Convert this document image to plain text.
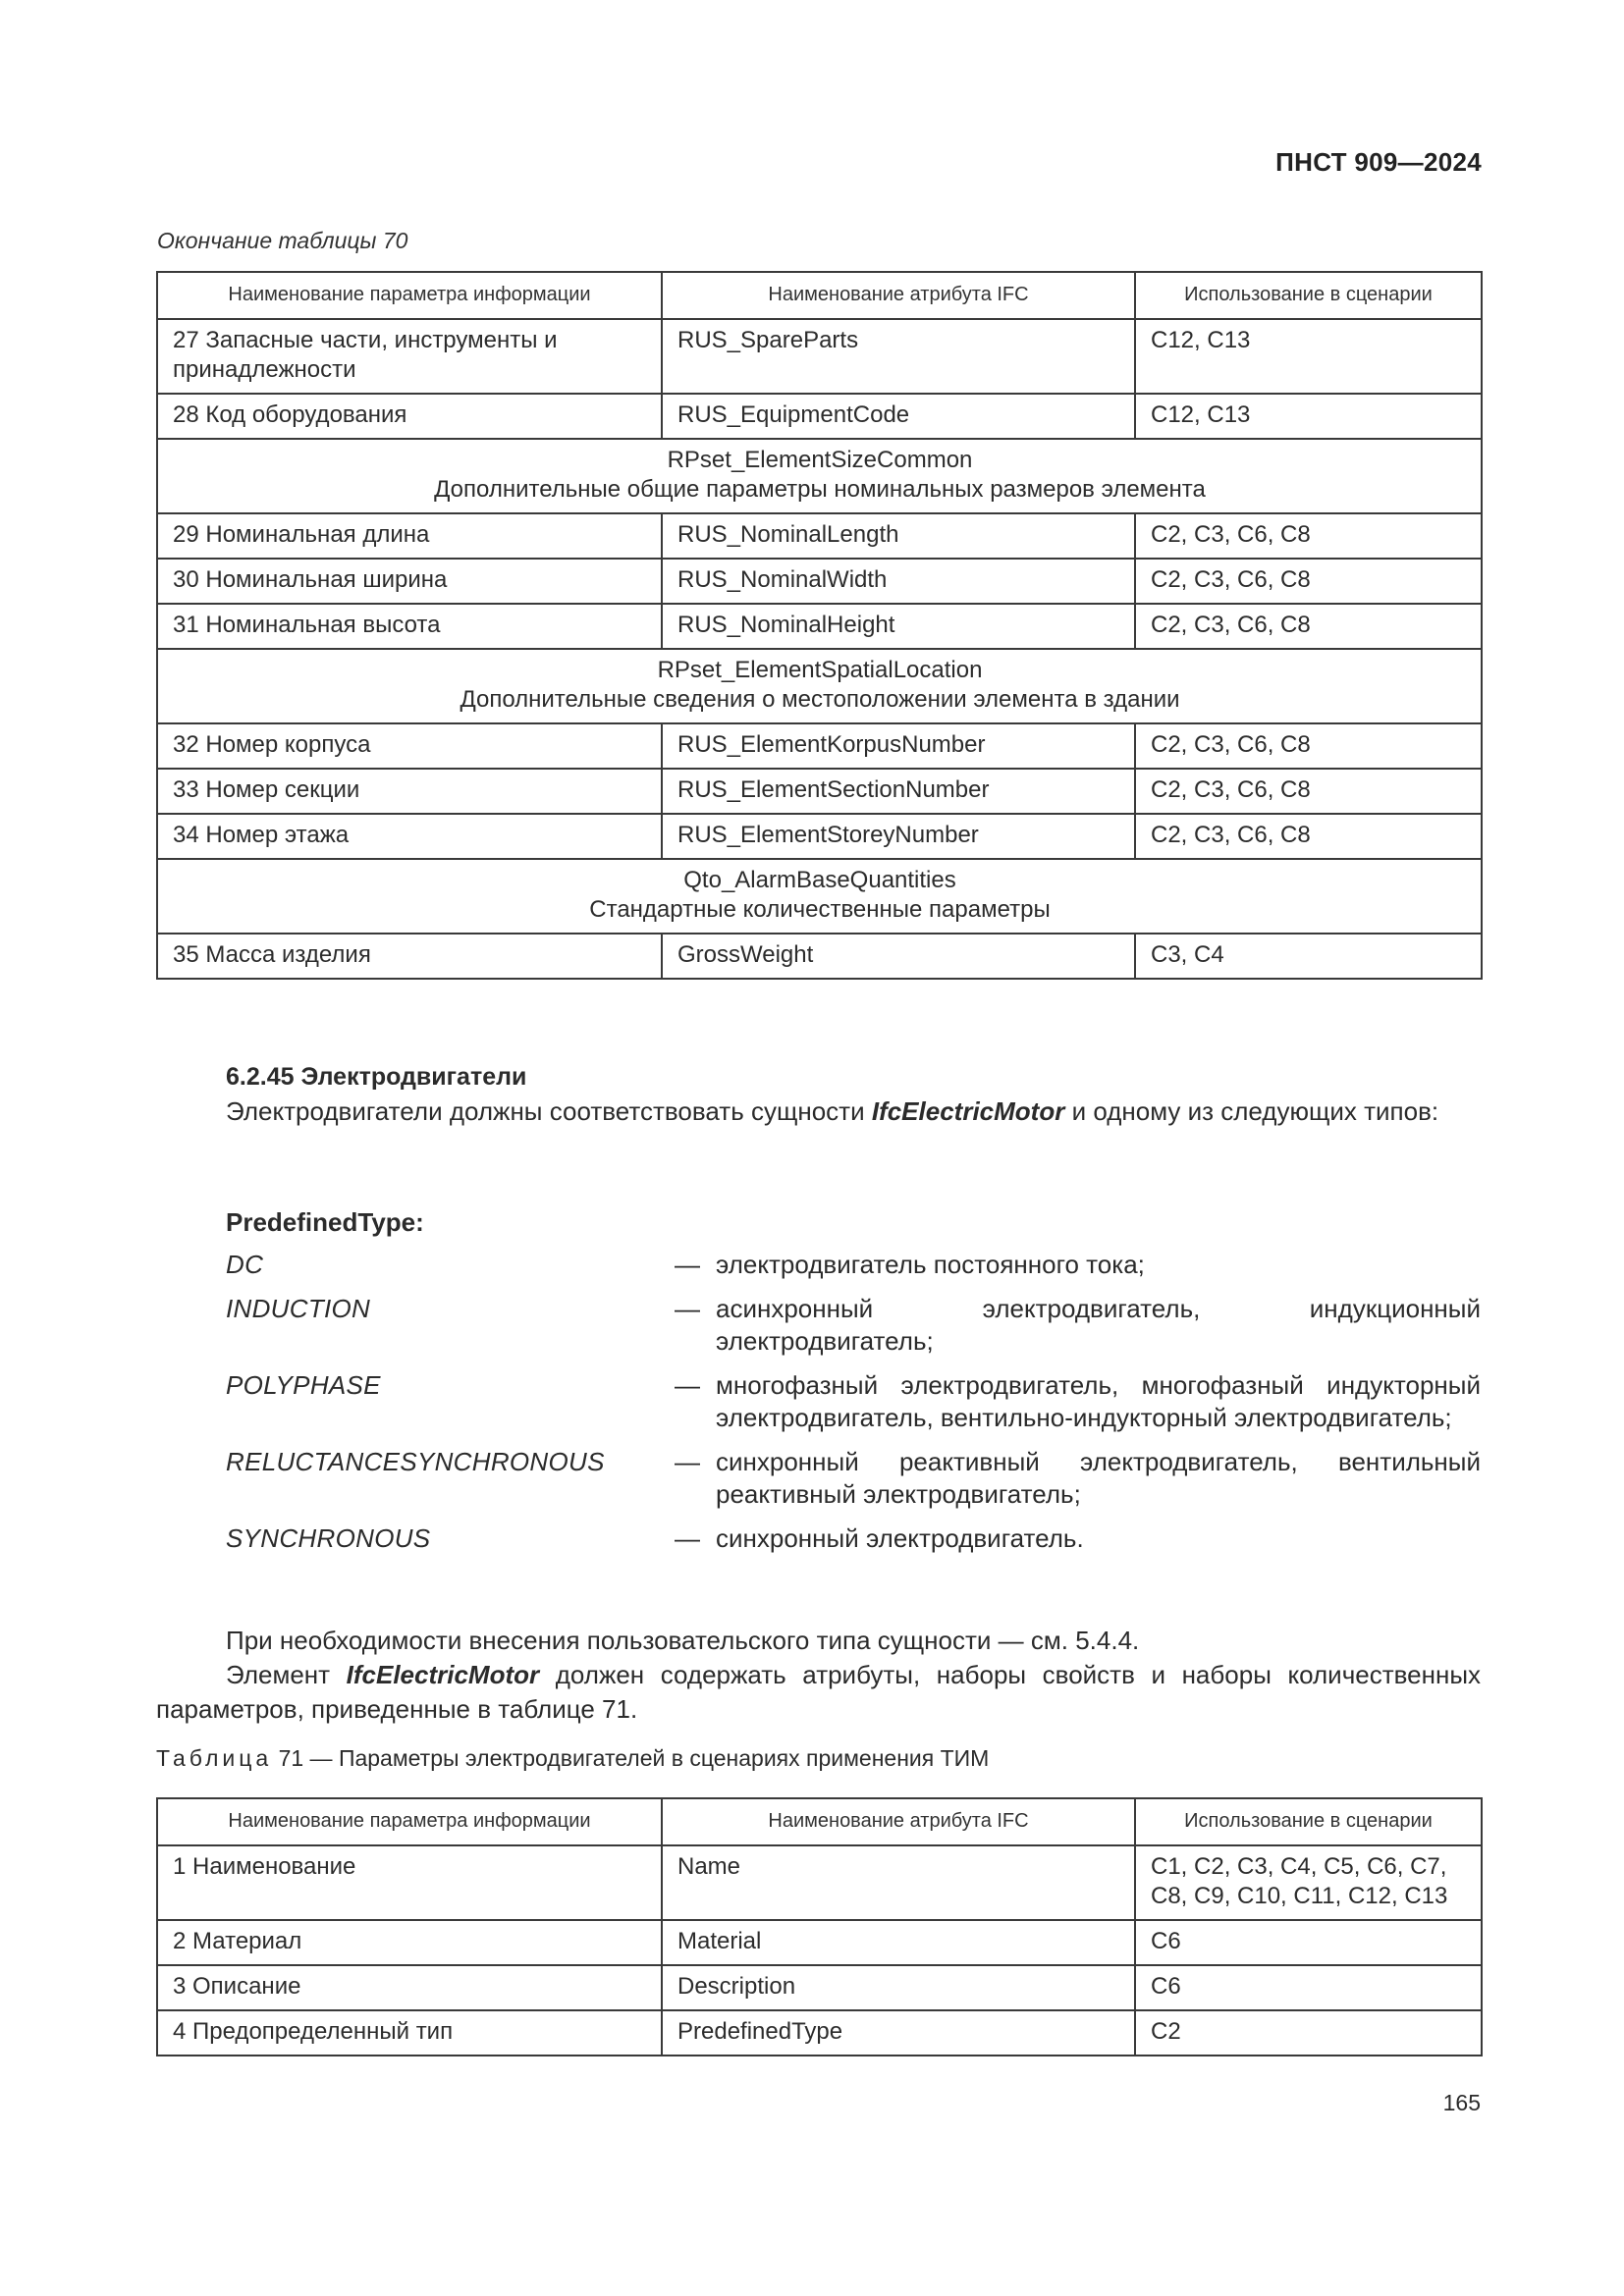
ПНСТ 909—2024
Окончание таблицы 70
Наименование параметра информации	Наименование атрибута IFC	Использование в сценарии
27 Запасные части, инструменты и принадлежности	RUS_SpareParts	C12, C13
28 Код оборудования	RUS_EquipmentCode	C12, C13

RPset_ElementSizeCommon
Дополнительные общие параметры номинальных размеров элемента		

29 Номинальная длина	RUS_NominalLength	C2, C3, C6, C8
30 Номинальная ширина	RUS_NominalWidth	C2, C3, C6, C8
31 Номинальная высота	RUS_NominalHeight	C2, C3, C6, C8

RPset_ElementSpatialLocation
Дополнительные сведения о местоположении элемента в здании		

32 Номер корпуса	RUS_ElementKorpusNumber	C2, C3, C6, C8
33 Номер секции	RUS_ElementSectionNumber	C2, C3, C6, C8
34 Номер этажа	RUS_ElementStoreyNumber	C2, C3, C6, C8

Qto_AlarmBaseQuantities
Стандартные количественные параметры		

35 Масса изделия	GrossWeight	C3, C4
6.2.45 Электродвигатели
Электродвигатели должны соответствовать сущности IfcElectricMotor и одному из следующих типов:
PredefinedType:
DC	— электродвигатель постоянного тока;
INDUCTION	— асинхронный электродвигатель, индукционный электродвигатель;
POLYPHASE	— многофазный электродвигатель, многофазный индукторный электродвигатель, вентильно-индукторный электродвигатель;
RELUCTANCESYNCHRONOUS	— синхронный реактивный электродвигатель, вентильный реактивный электродвигатель;
SYNCHRONOUS	— синхронный электродвигатель.
При необходимости внесения пользовательского типа сущности — см. 5.4.4.
Элемент IfcElectricMotor должен содержать атрибуты, наборы свойств и наборы количественных параметров, приведенные в таблице 71.
Таблица 71 — Параметры электродвигателей в сценариях применения ТИМ
Наименование параметра информации	Наименование атрибута IFC	Использование в сценарии
1 Наименование	Name	C1, C2, C3, C4, C5, C6, C7, C8, C9, C10, C11, C12, C13
2 Материал	Material	C6
3 Описание	Description	C6
4 Предопределенный тип	PredefinedType	C2
165
